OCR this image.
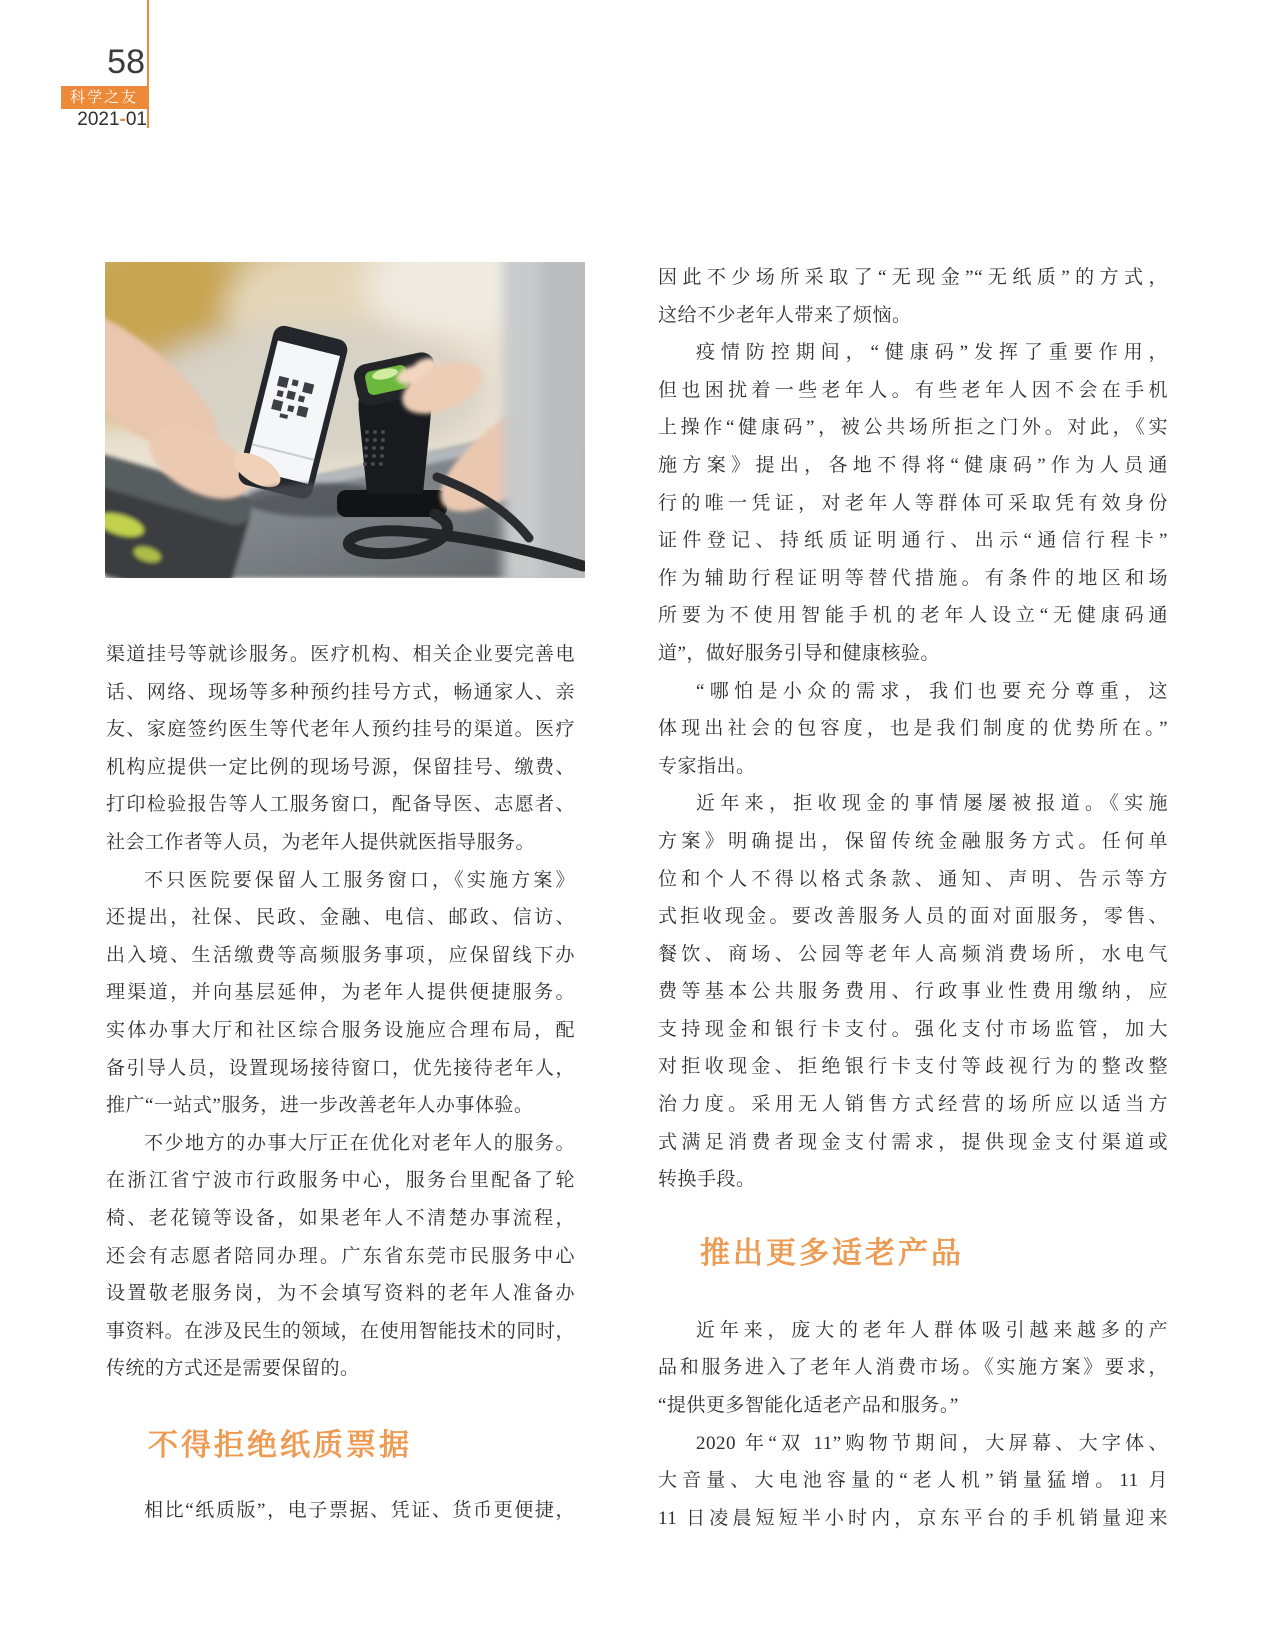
58
科学之友
2021-01
渠道挂号等就诊服务。医疗机构、相关企业要完善电
话、网络、现场等多种预约挂号方式，畅通家人、亲
友、家庭签约医生等代老年人预约挂号的渠道。医疗
机构应提供一定比例的现场号源，保留挂号、缴费、
打印检验报告等人工服务窗口，配备导医、志愿者、
社会工作者等人员，为老年人提供就医指导服务。
不只医院要保留人工服务窗口，《实施方案》
还提出，社保、民政、金融、电信、邮政、信访、
出入境、生活缴费等高频服务事项，应保留线下办
理渠道，并向基层延伸，为老年人提供便捷服务。
实体办事大厅和社区综合服务设施应合理布局，配
备引导人员，设置现场接待窗口，优先接待老年人，
推广“一站式”服务，进一步改善老年人办事体验。
不少地方的办事大厅正在优化对老年人的服务。
在浙江省宁波市行政服务中心，服务台里配备了轮
椅、老花镜等设备，如果老年人不清楚办事流程，
还会有志愿者陪同办理。广东省东莞市民服务中心
设置敬老服务岗，为不会填写资料的老年人准备办
事资料。在涉及民生的领域，在使用智能技术的同时，
传统的方式还是需要保留的。
不得拒绝纸质票据
相比“纸质版”，电子票据、凭证、货币更便捷，
因此不少场所采取了“无现金”“无纸质”的方式，
这给不少老年人带来了烦恼。
疫情防控期间，“健康码”发挥了重要作用，
但也困扰着一些老年人。有些老年人因不会在手机
上操作“健康码”，被公共场所拒之门外。对此，《实
施方案》提出，各地不得将“健康码”作为人员通
行的唯一凭证，对老年人等群体可采取凭有效身份
证件登记、持纸质证明通行、出示“通信行程卡”
作为辅助行程证明等替代措施。有条件的地区和场
所要为不使用智能手机的老年人设立“无健康码通
道”，做好服务引导和健康核验。
“哪怕是小众的需求，我们也要充分尊重，这
体现出社会的包容度，也是我们制度的优势所在。”
专家指出。
近年来，拒收现金的事情屡屡被报道。《实施
方案》明确提出，保留传统金融服务方式。任何单
位和个人不得以格式条款、通知、声明、告示等方
式拒收现金。要改善服务人员的面对面服务，零售、
餐饮、商场、公园等老年人高频消费场所，水电气
费等基本公共服务费用、行政事业性费用缴纳，应
支持现金和银行卡支付。强化支付市场监管，加大
对拒收现金、拒绝银行卡支付等歧视行为的整改整
治力度。采用无人销售方式经营的场所应以适当方
式满足消费者现金支付需求，提供现金支付渠道或
转换手段。
推出更多适老产品
近年来，庞大的老年人群体吸引越来越多的产
品和服务进入了老年人消费市场。《实施方案》要求，
“提供更多智能化适老产品和服务。”
2020 年“双 11”购物节期间，大屏幕、大字体、
大音量、大电池容量的“老人机”销量猛增。11 月
11 日凌晨短短半小时内，京东平台的手机销量迎来
